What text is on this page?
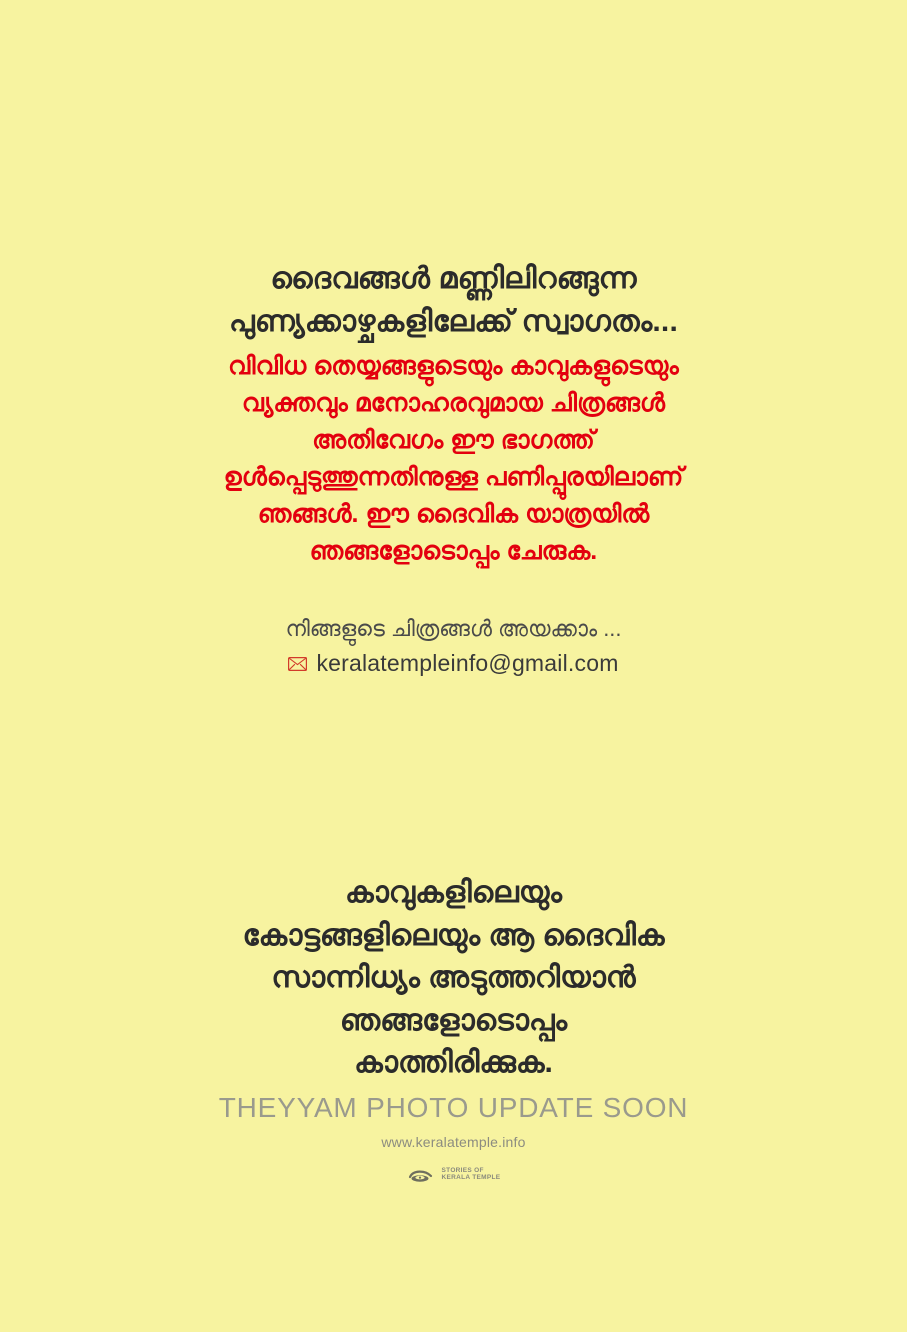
ദൈവങ്ങൾ മണ്ണിലിറങ്ങുന്ന
പുണ്യക്കാഴ്ചകളിലേക്ക് സ്വാഗതം...
വിവിധ തെയ്യങ്ങളുടെയും കാവുകളുടെയും
വ്യക്തവും മനോഹരവുമായ ചിത്രങ്ങൾ
അതിവേഗം ഈ ഭാഗത്ത്
ഉൾപ്പെടുത്തുന്നതിനുള്ള പണിപ്പുരയിലാണ്
ഞങ്ങൾ. ഈ ദൈവിക യാത്രയിൽ
ഞങ്ങളോടൊപ്പം ചേരുക.
നിങ്ങളുടെ ചിത്രങ്ങൾ അയക്കാം ...
keralatempleinfo@gmail.com
കാവുകളിലെയും
കോട്ടങ്ങളിലെയും ആ ദൈവിക
സാന്നിധ്യം അടുത്തറിയാൻ
ഞങ്ങളോടൊപ്പം
കാത്തിരിക്കുക.
THEYYAM PHOTO UPDATE SOON
www.keralatemple.info
STORIES OF
KERALA TEMPLE
